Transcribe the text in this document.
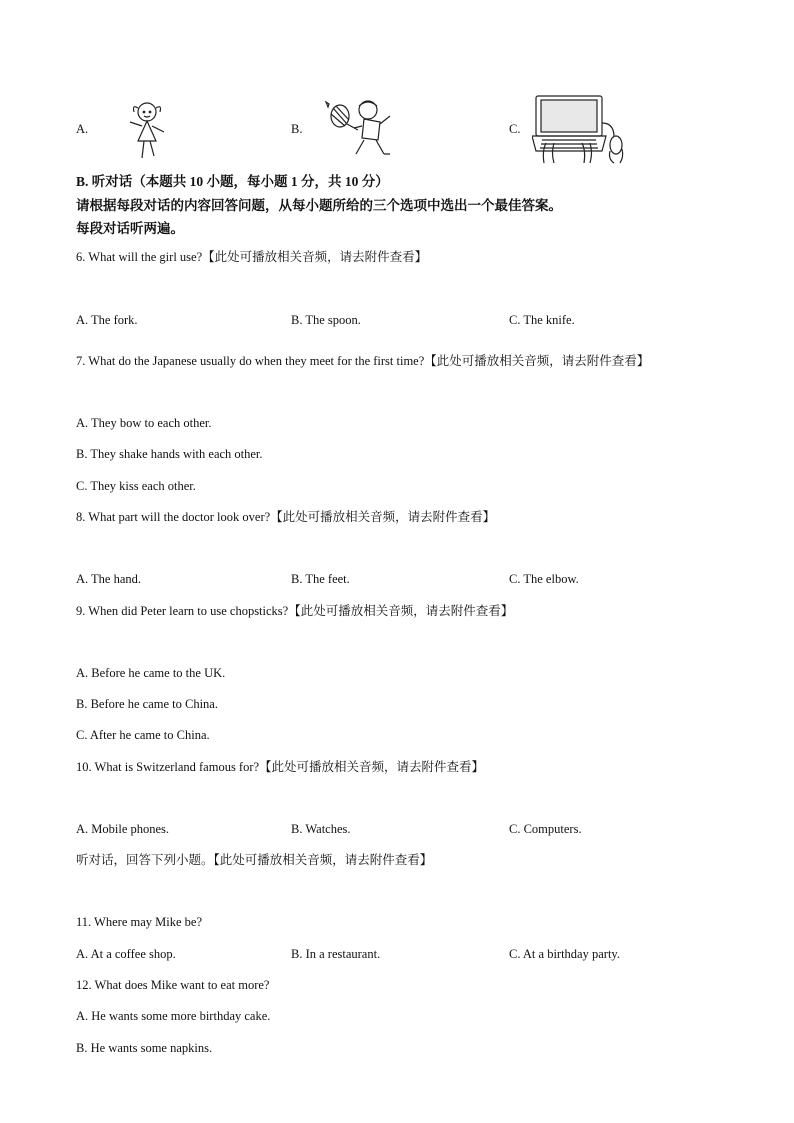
A.	B.	C.
B. 听对话（本题共 10 小题，每小题 1 分，共 10 分）
请根据每段对话的内容回答问题，从每小题所给的三个选项中选出一个最佳答案。
每段对话听两遍。
6. What will the girl use?【此处可播放相关音频，请去附件查看】
A. The fork.	B. The spoon.	C. The knife.
7. What do the Japanese usually do when they meet for the first time?【此处可播放相关音频，请去附件查看】
A. They bow to each other.
B. They shake hands with each other.
C. They kiss each other.
8. What part will the doctor look over?【此处可播放相关音频，请去附件查看】
A. The hand.	B. The feet.	C. The elbow.
9. When did Peter learn to use chopsticks?【此处可播放相关音频，请去附件查看】
A. Before he came to the UK.
B. Before he came to China.
C. After he came to China.
10. What is Switzerland famous for?【此处可播放相关音频，请去附件查看】
A. Mobile phones.	B. Watches.	C. Computers.
听对话，回答下列小题。【此处可播放相关音频，请去附件查看】
11. Where may Mike be?
A. At a coffee shop.	B. In a restaurant.	C. At a birthday party.
12. What does Mike want to eat more?
A. He wants some more birthday cake.
B. He wants some napkins.
